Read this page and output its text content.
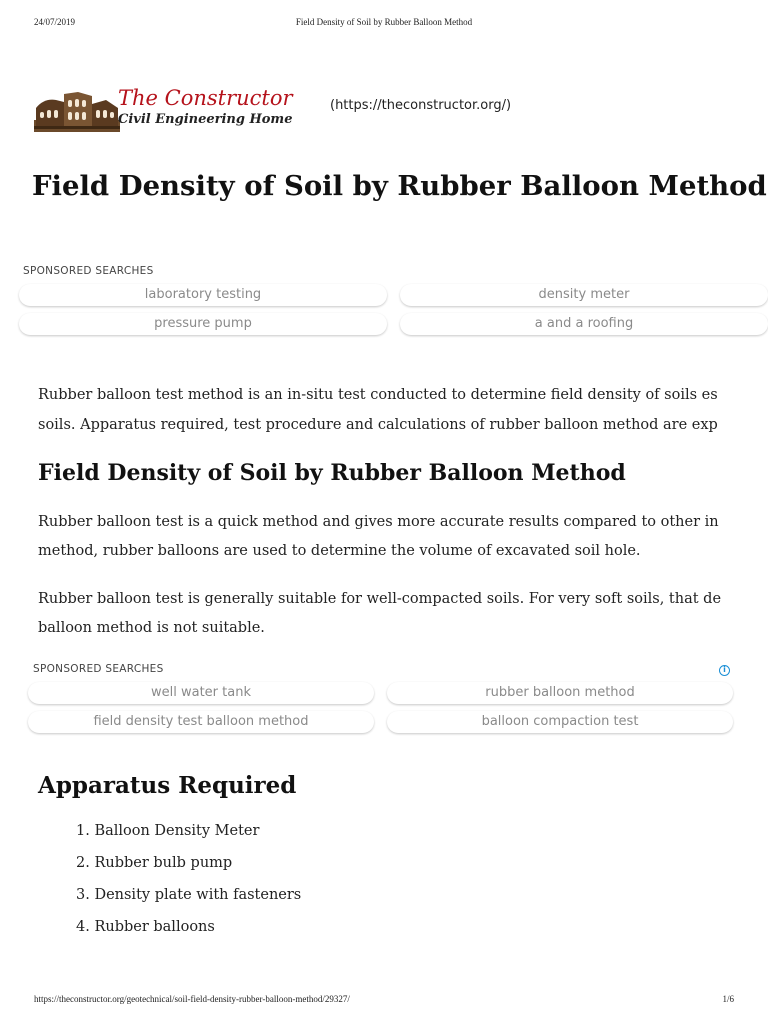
24/07/2019	Field Density of Soil by Rubber Balloon Method
The Constructor
Civil Engineering Home
(https://theconstructor.org/)
Field Density of Soil by Rubber Balloon Method
SPONSORED SEARCHES
laboratory testing	density meter
pressure pump	a and a roofing

Rubber balloon test method is an in-situ test conducted to determine field density of soils es

soils. Apparatus required, test procedure and calculations of rubber balloon method are exp

Field Density of Soil by Rubber Balloon Method

Rubber balloon test is a quick method and gives more accurate results compared to other in

method, rubber balloons are used to determine the volume of excavated soil hole.

Rubber balloon test is generally suitable for well-compacted soils. For very soft soils, that de

balloon method is not suitable.

SPONSORED SEARCHES	i
well water tank	rubber balloon method
field density test balloon method	balloon compaction test
Apparatus Required
1. Balloon Density Meter
2. Rubber bulb pump
3. Density plate with fasteners
4. Rubber balloons
https://theconstructor.org/geotechnical/soil-field-density-rubber-balloon-method/29327/	1/6
